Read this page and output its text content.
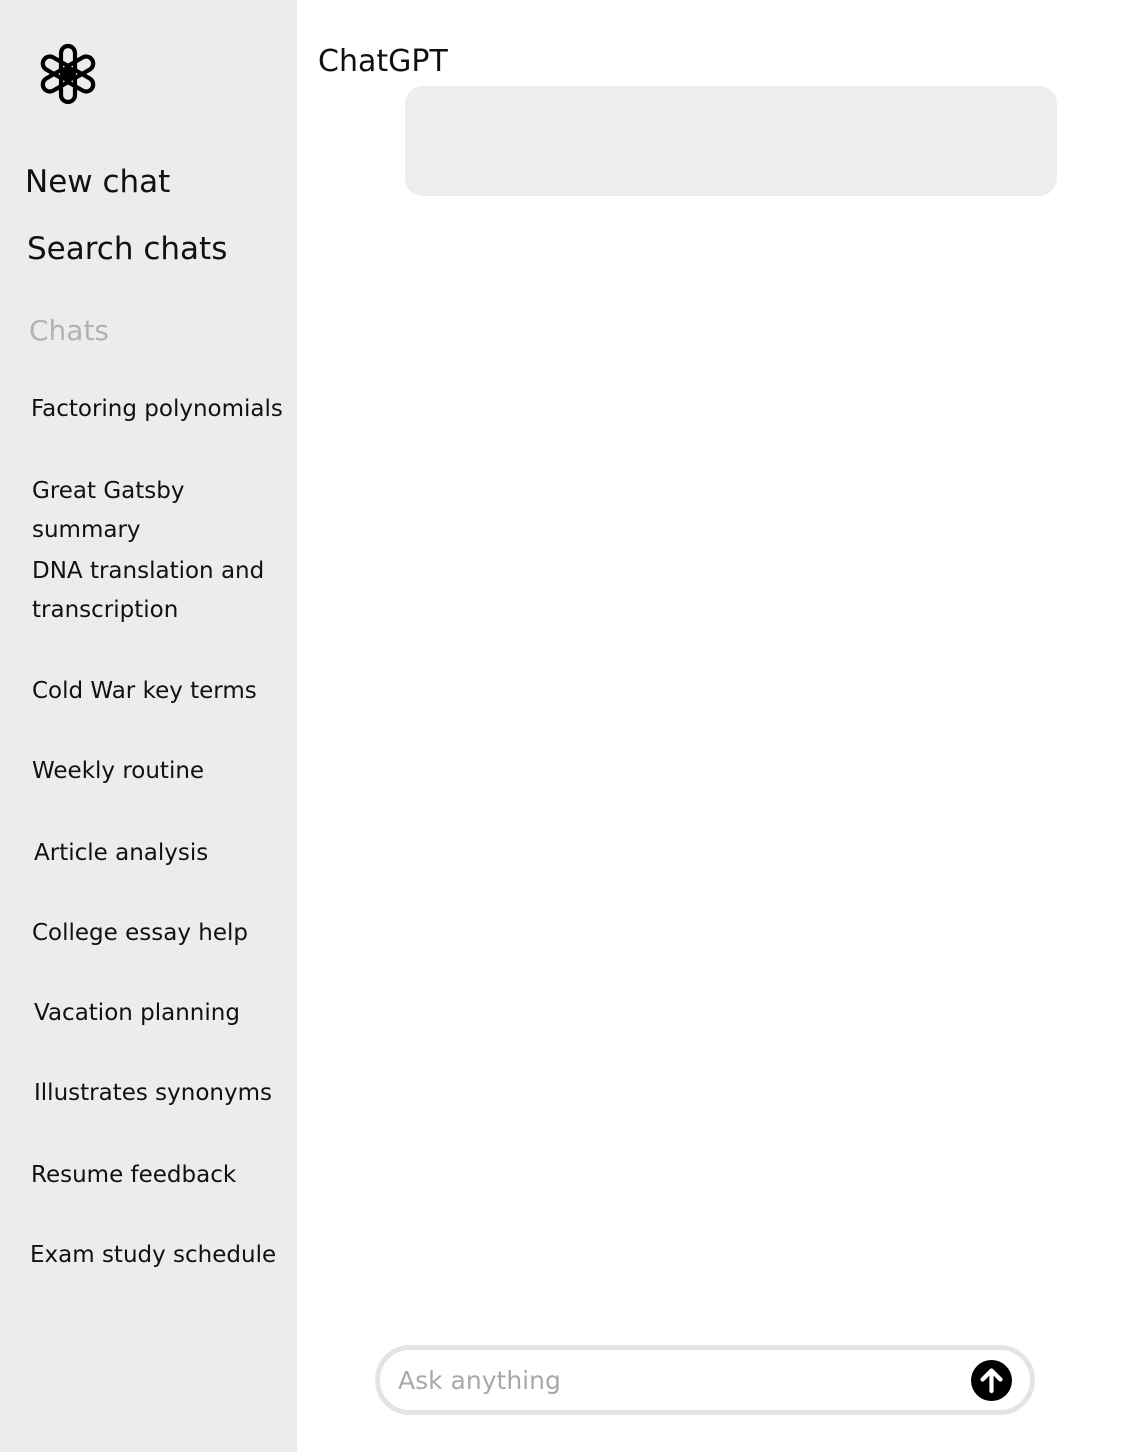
New chat
Search chats
Chats
Factoring polynomials
Great Gatsby summary
DNA translation and transcription
Cold War key terms
Weekly routine
Article analysis
College essay help
Vacation planning
Illustrates synonyms
Resume feedback
Exam study schedule
ChatGPT
Ask anything
